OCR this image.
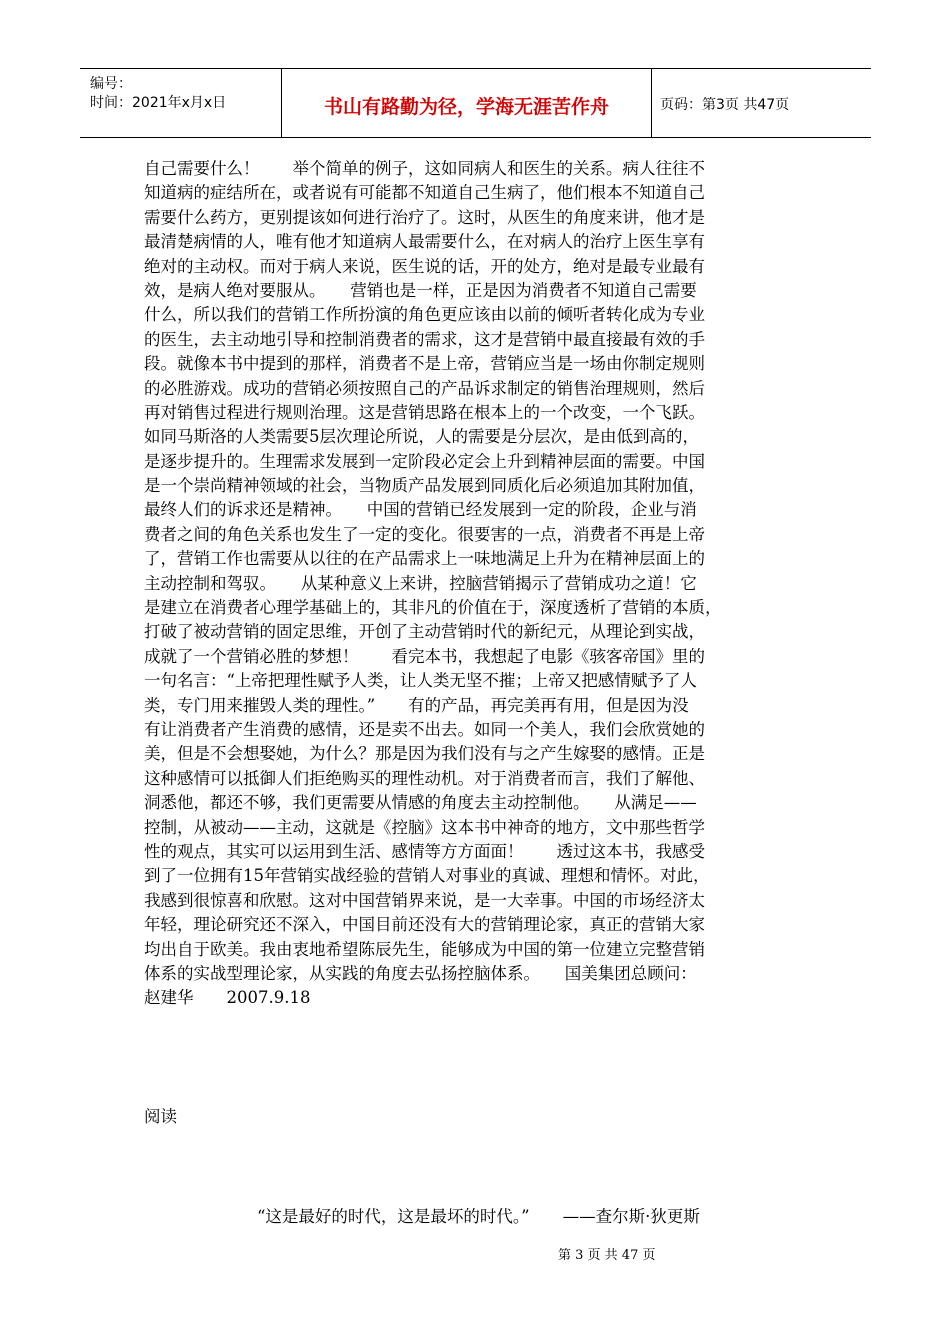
编号：
时间：2021年x月x日	书山有路勤为径，学海无涯苦作舟	页码：第3页 共47页
自己需要什么！　　举个简单的例子，这如同病人和医生的关系。病人往往不
知道病的症结所在，或者说有可能都不知道自己生病了，他们根本不知道自己
需要什么药方，更别提该如何进行治疗了。这时，从医生的角度来讲，他才是
最清楚病情的人，唯有他才知道病人最需要什么，在对病人的治疗上医生享有
绝对的主动权。而对于病人来说，医生说的话，开的处方，绝对是最专业最有
效，是病人绝对要服从。　　营销也是一样，正是因为消费者不知道自己需要
什么，所以我们的营销工作所扮演的角色更应该由以前的倾听者转化成为专业
的医生，去主动地引导和控制消费者的需求，这才是营销中最直接最有效的手
段。就像本书中提到的那样，消费者不是上帝，营销应当是一场由你制定规则
的必胜游戏。成功的营销必须按照自己的产品诉求制定的销售治理规则，然后
再对销售过程进行规则治理。这是营销思路在根本上的一个改变，一个飞跃。
如同马斯洛的人类需要5层次理论所说，人的需要是分层次，是由低到高的，
是逐步提升的。生理需求发展到一定阶段必定会上升到精神层面的需要。中国
是一个崇尚精神领域的社会，当物质产品发展到同质化后必须追加其附加值，
最终人们的诉求还是精神。　　中国的营销已经发展到一定的阶段，企业与消
费者之间的角色关系也发生了一定的变化。很要害的一点，消费者不再是上帝
了，营销工作也需要从以往的在产品需求上一味地满足上升为在精神层面上的
主动控制和驾驭。　　从某种意义上来讲，控脑营销揭示了营销成功之道！它
是建立在消费者心理学基础上的，其非凡的价值在于，深度透析了营销的本质，
打破了被动营销的固定思维，开创了主动营销时代的新纪元，从理论到实战，
成就了一个营销必胜的梦想！　　看完本书，我想起了电影《骇客帝国》里的
一句名言：“上帝把理性赋予人类，让人类无坚不摧；上帝又把感情赋予了人
类，专门用来摧毁人类的理性。”　　有的产品，再完美再有用，但是因为没
有让消费者产生消费的感情，还是卖不出去。如同一个美人，我们会欣赏她的
美，但是不会想娶她，为什么？那是因为我们没有与之产生嫁娶的感情。正是
这种感情可以抵御人们拒绝购买的理性动机。对于消费者而言，我们了解他、
洞悉他，都还不够，我们更需要从情感的角度去主动控制他。　　从满足——
控制，从被动——主动，这就是《控脑》这本书中神奇的地方，文中那些哲学
性的观点，其实可以运用到生活、感情等方方面面！　　透过这本书，我感受
到了一位拥有15年营销实战经验的营销人对事业的真诚、理想和情怀。对此，
我感到很惊喜和欣慰。这对中国营销界来说，是一大幸事。中国的市场经济太
年轻，理论研究还不深入，中国目前还没有大的营销理论家，真正的营销大家
均出自于欧美。我由衷地希望陈辰先生，能够成为中国的第一位建立完整营销
体系的实战型理论家，从实践的角度去弘扬控脑体系。　　国美集团总顾问：
赵建华　　2007.9.18
阅读
“这是最好的时代，这是最坏的时代。”　　——查尔斯·狄更斯
第 3 页 共 47 页
